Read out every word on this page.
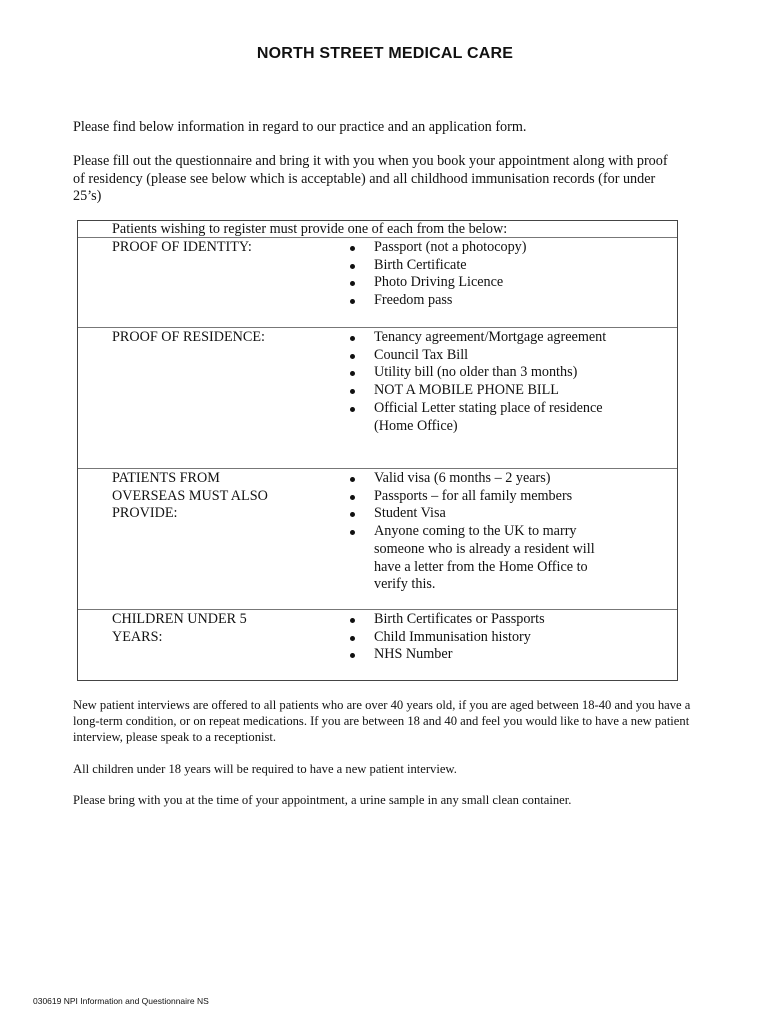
NORTH STREET MEDICAL CARE
Please find below information in regard to our practice and an application form.
Please fill out the questionnaire and bring it with you when you book your appointment along with proof of residency (please see below which is acceptable) and all childhood immunisation records (for under 25’s)
Patients wishing to register must provide one of each from the below:
PROOF OF IDENTITY:	Passport (not a photocopy)
Birth Certificate
Photo Driving Licence
Freedom pass
PROOF OF RESIDENCE:	Tenancy agreement/Mortgage agreement
Council Tax Bill
Utility bill (no older than 3 months)
NOT A MOBILE PHONE BILL
Official Letter stating place of residence (Home Office)
PATIENTS FROM OVERSEAS MUST ALSO PROVIDE:
Valid visa (6 months – 2 years)
Passports – for all family members
Student Visa
Anyone coming to the UK to marry someone who is already a resident will have a letter from the Home Office to verify this.
CHILDREN UNDER 5 YEARS:
Birth Certificates or Passports
Child Immunisation history
NHS Number
New patient interviews are offered to all patients who are over 40 years old, if you are aged between 18-40 and you have a long-term condition, or on repeat medications. If you are between 18 and 40 and feel you would like to have a new patient interview, please speak to a receptionist.
All children under 18 years will be required to have a new patient interview.
Please bring with you at the time of your appointment, a urine sample in any small clean container.
030619 NPI Information and Questionnaire NS
